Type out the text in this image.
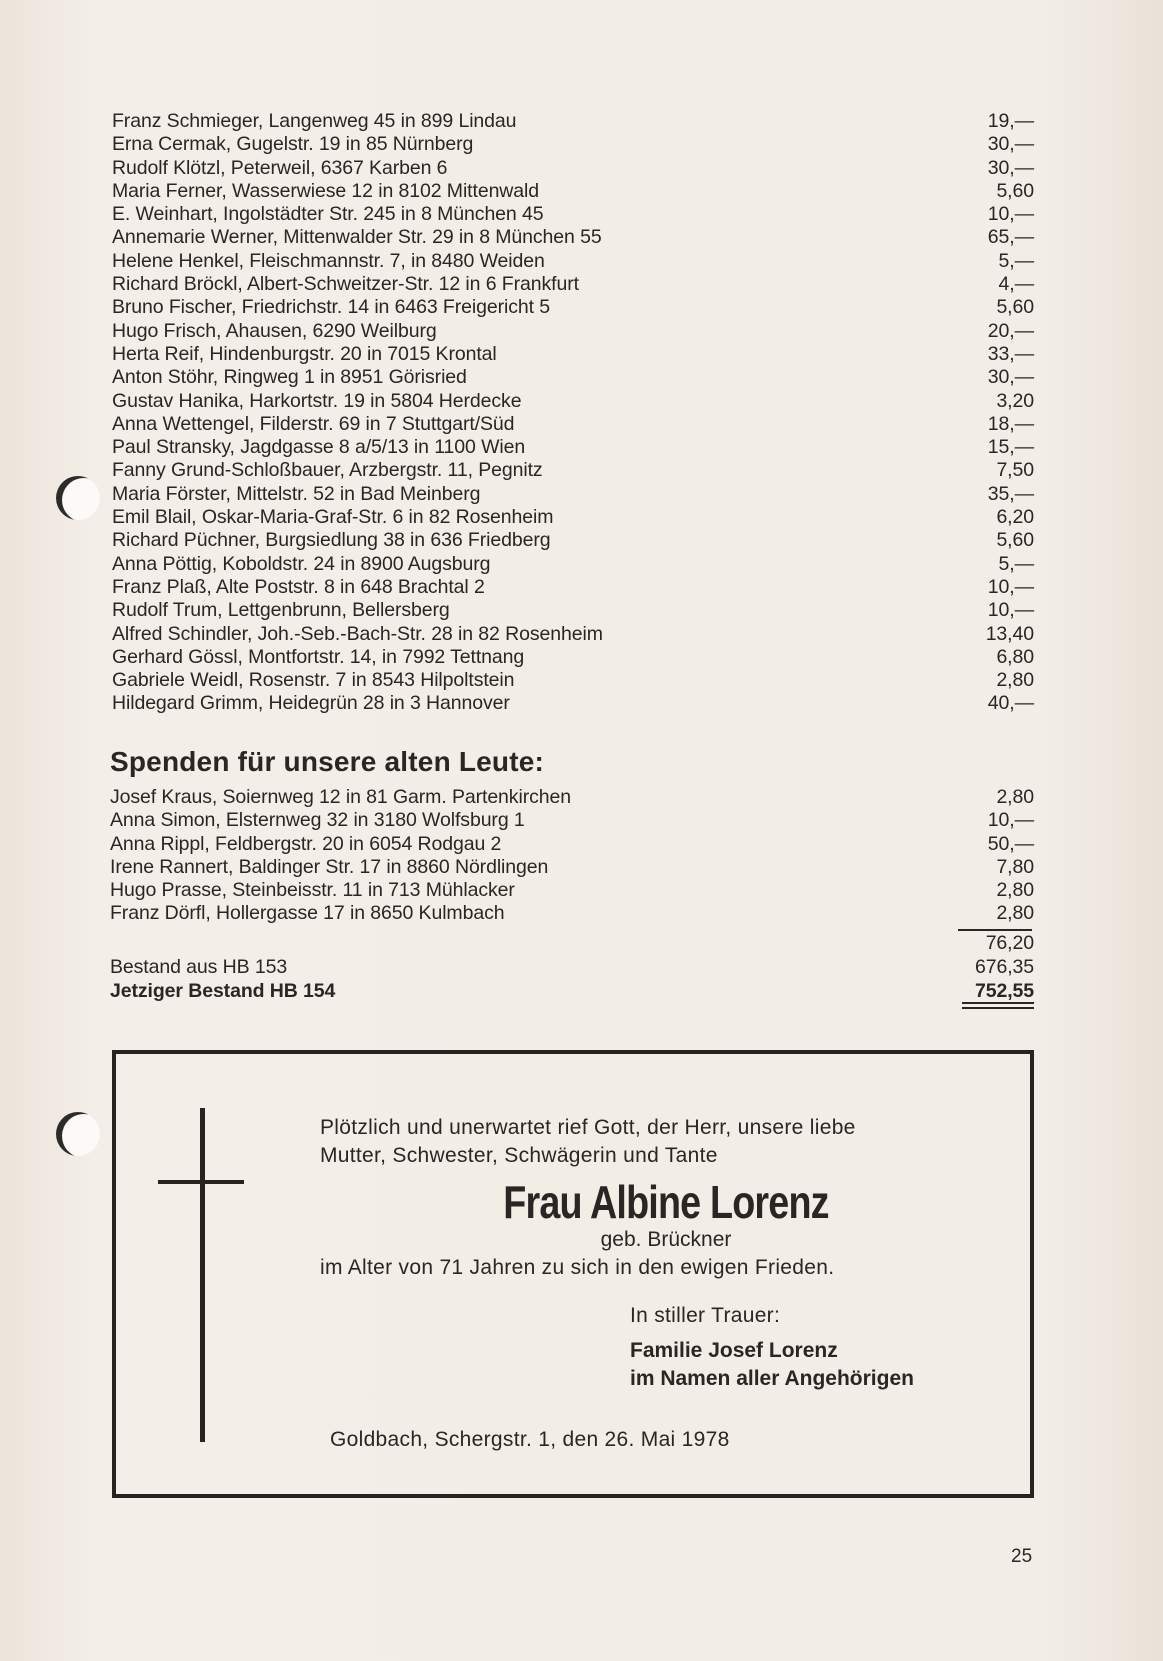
Franz Schmieger, Langenweg 45 in 899 Lindau	19,—
Erna Cermak, Gugelstr. 19 in 85 Nürnberg	30,—
Rudolf Klötzl, Peterweil, 6367 Karben 6	30,—
Maria Ferner, Wasserwiese 12 in 8102 Mittenwald	5,60
E. Weinhart, Ingolstädter Str. 245 in 8 München 45	10,—
Annemarie Werner, Mittenwalder Str. 29 in 8 München 55	65,—
Helene Henkel, Fleischmannstr. 7, in 8480 Weiden	5,—
Richard Bröckl, Albert-Schweitzer-Str. 12 in 6 Frankfurt	4,—
Bruno Fischer, Friedrichstr. 14 in 6463 Freigericht 5	5,60
Hugo Frisch, Ahausen, 6290 Weilburg	20,—
Herta Reif, Hindenburgstr. 20 in 7015 Krontal	33,—
Anton Stöhr, Ringweg 1 in 8951 Görisried	30,—
Gustav Hanika, Harkortstr. 19 in 5804 Herdecke	3,20
Anna Wettengel, Filderstr. 69 in 7 Stuttgart/Süd	18,—
Paul Stransky, Jagdgasse 8 a/5/13 in 1100 Wien	15,—
Fanny Grund-Schloßbauer, Arzbergstr. 11, Pegnitz	7,50
Maria Förster, Mittelstr. 52 in Bad Meinberg	35,—
Emil Blail, Oskar-Maria-Graf-Str. 6 in 82 Rosenheim	6,20
Richard Püchner, Burgsiedlung 38 in 636 Friedberg	5,60
Anna Pöttig, Koboldstr. 24 in 8900 Augsburg	5,—
Franz Plaß, Alte Poststr. 8 in 648 Brachtal 2	10,—
Rudolf Trum, Lettgenbrunn, Bellersberg	10,—
Alfred Schindler, Joh.-Seb.-Bach-Str. 28 in 82 Rosenheim	13,40
Gerhard Gössl, Montfortstr. 14, in 7992 Tettnang	6,80
Gabriele Weidl, Rosenstr. 7 in 8543 Hilpoltstein	2,80
Hildegard Grimm, Heidegrün 28 in 3 Hannover	40,—
Spenden für unsere alten Leute:
Josef Kraus, Soiernweg 12 in 81 Garm. Partenkirchen	2,80
Anna Simon, Elsternweg 32 in 3180 Wolfsburg 1	10,—
Anna Rippl, Feldbergstr. 20 in 6054 Rodgau 2	50,—
Irene Rannert, Baldinger Str. 17 in 8860 Nördlingen	7,80
Hugo Prasse, Steinbeisstr. 11 in 713 Mühlacker	2,80
Franz Dörfl, Hollergasse 17 in 8650 Kulmbach	2,80
76,20
Bestand aus HB 153	676,35
Jetziger Bestand HB 154	752,55
Plötzlich und unerwartet rief Gott, der Herr, unsere liebe
Mutter, Schwester, Schwägerin und Tante
Frau Albine Lorenz
geb. Brückner
im Alter von 71 Jahren zu sich in den ewigen Frieden.
In stiller Trauer:
Familie Josef Lorenz
im Namen aller Angehörigen
Goldbach, Schergstr. 1, den 26. Mai 1978
25
